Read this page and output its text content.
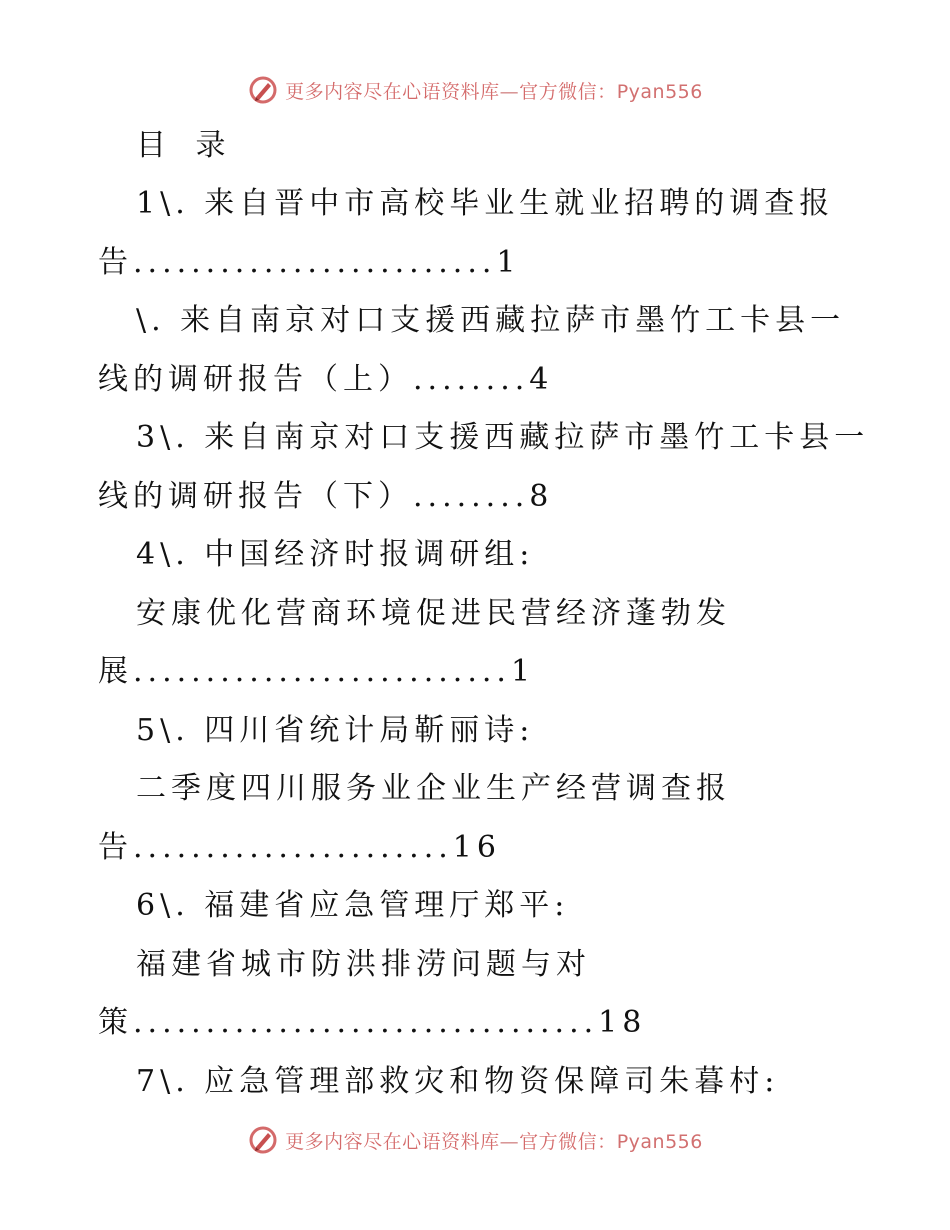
更多内容尽在心语资料库—官方微信：Pyan556
目 录
1\. 来自晋中市高校毕业生就业招聘的调查报
告.........................1
\. 来自南京对口支援西藏拉萨市墨竹工卡县一
线的调研报告（上）........4
3\. 来自南京对口支援西藏拉萨市墨竹工卡县一
线的调研报告（下）........8
4\. 中国经济时报调研组:
安康优化营商环境促进民营经济蓬勃发
展..........................1
5\. 四川省统计局靳丽诗:
二季度四川服务业企业生产经营调查报
告......................16
6\. 福建省应急管理厅郑平:
福建省城市防洪排涝问题与对
策................................18
7\. 应急管理部救灾和物资保障司朱暮村:
更多内容尽在心语资料库—官方微信：Pyan556
